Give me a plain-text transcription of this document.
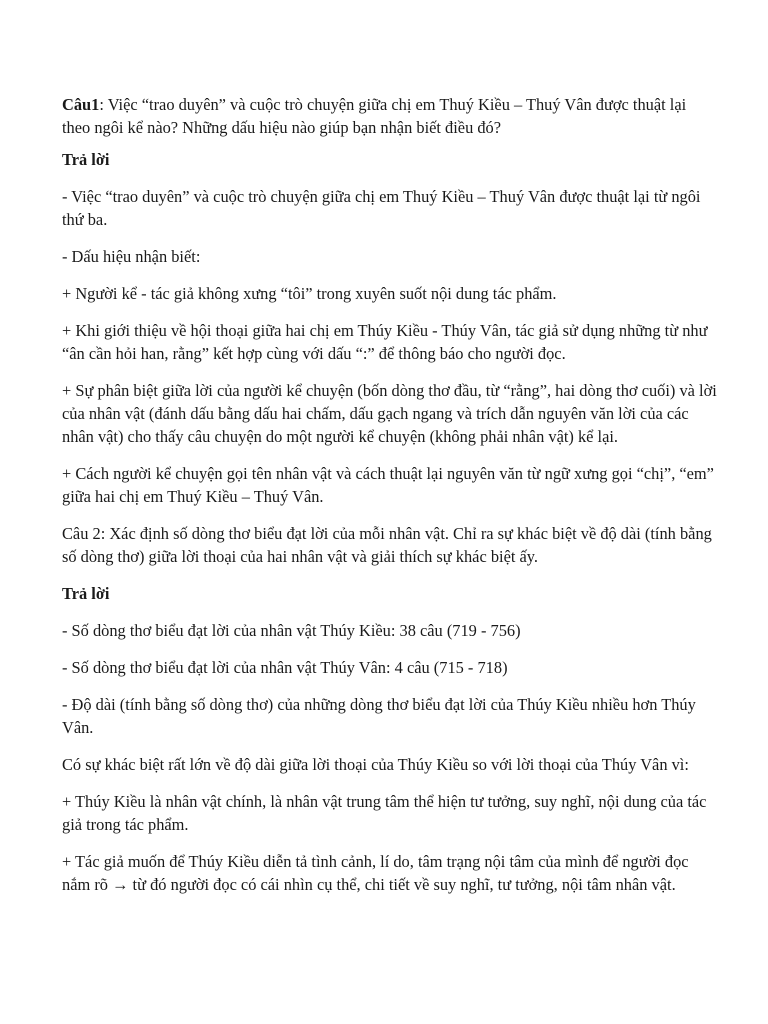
Câu1: Việc “trao duyên” và cuộc trò chuyện giữa chị em Thuý Kiều – Thuý Vân được thuật lại theo ngôi kể nào? Những dấu hiệu nào giúp bạn nhận biết điều đó?

Trả lời

- Việc “trao duyên” và cuộc trò chuyện giữa chị em Thuý Kiều – Thuý Vân được thuật lại từ ngôi thứ ba.

- Dấu hiệu nhận biết:

+ Người kể - tác giả không xưng “tôi” trong xuyên suốt nội dung tác phẩm.

+ Khi giới thiệu về hội thoại giữa hai chị em Thúy Kiều - Thúy Vân, tác giả sử dụng những từ như “ân cần hỏi han, rằng” kết hợp cùng với dấu “:” để thông báo cho người đọc.

+ Sự phân biệt giữa lời của người kể chuyện (bốn dòng thơ đầu, từ “rằng”, hai dòng thơ cuối) và lời của nhân vật (đánh dấu bằng dấu hai chấm, dấu gạch ngang và trích dẫn nguyên văn lời của các nhân vật) cho thấy câu chuyện do một người kể chuyện (không phải nhân vật) kể lại.

+ Cách người kể chuyện gọi tên nhân vật và cách thuật lại nguyên văn từ ngữ xưng gọi “chị”, “em” giữa hai chị em Thuý Kiều – Thuý Vân.

Câu 2: Xác định số dòng thơ biểu đạt lời của mỗi nhân vật. Chỉ ra sự khác biệt về độ dài (tính bằng số dòng thơ) giữa lời thoại của hai nhân vật và giải thích sự khác biệt ấy.

Trả lời

- Số dòng thơ biểu đạt lời của nhân vật Thúy Kiều: 38 câu (719 - 756)

- Số dòng thơ biểu đạt lời của nhân vật Thúy Vân: 4 câu (715 - 718)

- Độ dài (tính bằng số dòng thơ) của những dòng thơ biểu đạt lời của Thúy Kiều nhiều hơn Thúy Vân.

Có sự khác biệt rất lớn về độ dài giữa lời thoại của Thúy Kiều so với lời thoại của Thúy Vân vì:

+ Thúy Kiều là nhân vật chính, là nhân vật trung tâm thể hiện tư tưởng, suy nghĩ, nội dung của tác giả trong tác phẩm.

+ Tác giả muốn để Thúy Kiều diễn tả tình cảnh, lí do, tâm trạng nội tâm của mình để người đọc nắm rõ → từ đó người đọc có cái nhìn cụ thể, chi tiết về suy nghĩ, tư tưởng, nội tâm nhân vật.
